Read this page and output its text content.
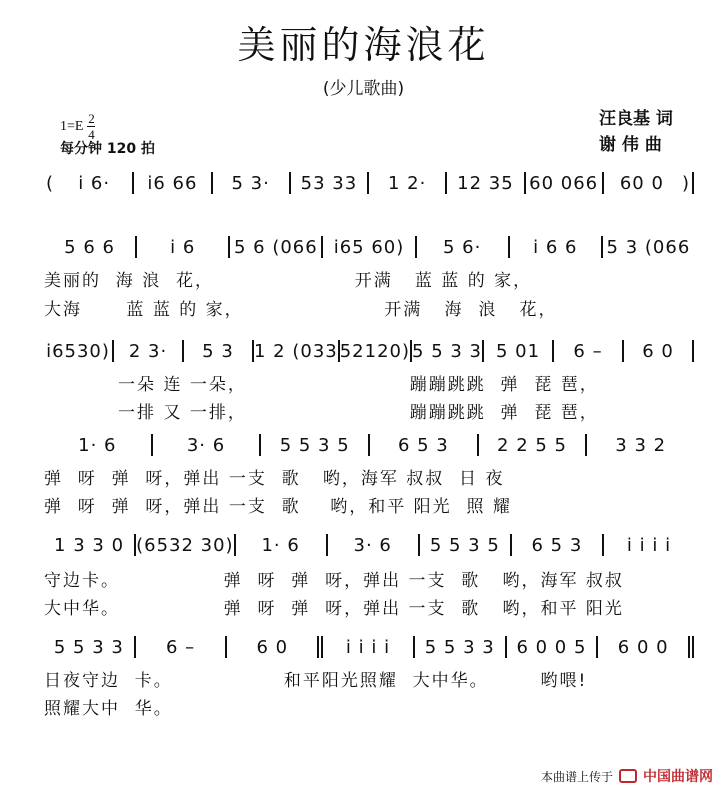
美丽的海浪花
(少儿歌曲)
1=E 2
4
每分钟 120 拍
汪良基 词
谢 伟 曲
(	i 6·	i6 66	5 3·	53 33	1 2·	12 35 60 066	60 0	)
5 6 6	i 6	5 6 (066 i65 60)	5 6·	i 6 6	5 3 (066
美丽的  海 浪  花，                   开满   蓝 蓝 的 家，
大海      蓝 蓝 的 家，                   开满   海  浪   花，
i6530)	2 3·	5 3	1 2 (033 52120) 5 5 3 3 5 01	6 –	6 0
一朵 连 一朵，                      蹦蹦跳跳  弹  琵 琶，
一排 又 一排，                      蹦蹦跳跳  弹  琵 琶，
1· 6	3· 6	5 5 3 5	6 5 3	2 2 5 5	3 3 2
弹  呀  弹  呀，弹出 一支  歌   哟，海军 叔叔  日 夜
弹  呀  弹  呀，弹出 一支  歌    哟，和平 阳光  照 耀
1 3 3 0 (6532 30)	1· 6	3· 6	5 5 3 5	6 5 3	i i i i
守边卡。              弹  呀  弹  呀，弹出 一支  歌   哟，海军 叔叔
大中华。              弹  呀  弹  呀，弹出 一支  歌   哟，和平 阳光
5 5 3 3	6 –	6 0	i i i i	5 5 3 3	6 0 0 5	6 0 0
日夜守边  卡。               和平阳光照耀  大中华。       哟喂!
照耀大中  华。
本曲谱上传于 中国曲谱网
